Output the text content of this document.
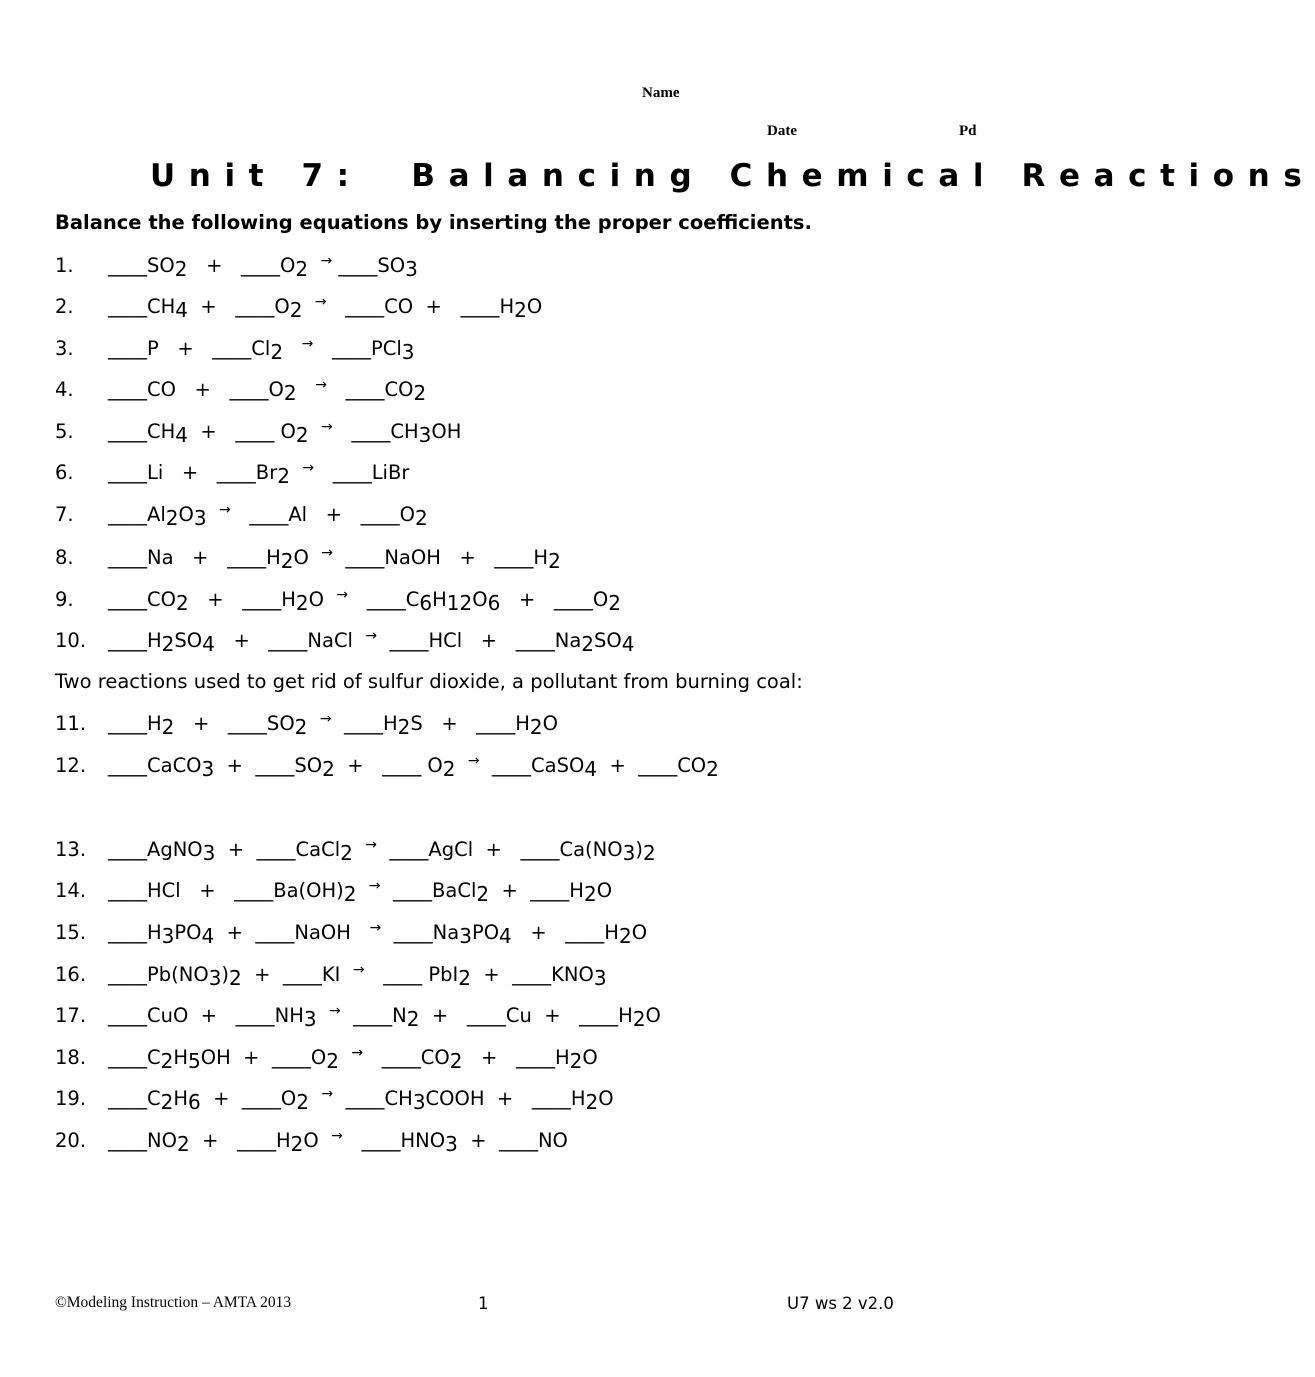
Name
Date	Pd
Unit 7:  Balancing Chemical Reactions
Balance the following equations by inserting the proper coefficients.

1.

$\_\_\_\_SO_2$   +   $\_\_\_\_O_2$ → $\_\_\_\_SO_3$

2.

$\_\_\_\_CH_4$  +   $\_\_\_\_O_2$ →   ____CO  +   $\_\_\_\_H_2O$

3.

____P   +   $\_\_\_\_Cl_2$ →   ____PCl$_3$

4.

____CO   +   $\_\_\_\_O_2$ →   $\_\_\_\_CO_2$

5.

$\_\_\_\_CH_4$  +   ____ $O_2$ →   $\_\_\_\_CH_3OH$

6.

____Li   +   $\_\_\_\_Br_2$ →   ____LiBr

7.

$\_\_\_\_Al_2O_3$ →   ____Al   +   $\_\_\_\_O_2$

8.

____Na   +   $\_\_\_\_H_2O$  →  ____NaOH   +   $\_\_\_\_H_2$

9.

$\_\_\_\_CO_2$   +   $\_\_\_\_H_2O$  →   $\_\_\_\_C_6H_{12}O_6$   +   $\_\_\_\_O_2$

10.

$\_\_\_\_H_2SO_4$   +   ____NaCl  →  ____HCl   +   $\_\_\_\_Na_2SO_4$

Two reactions used to get rid of sulfur dioxide, a pollutant from burning coal:

11.

$\_\_\_\_H_2$   +   $\_\_\_\_SO_2$ →  $\_\_\_\_H_2S$   +   $\_\_\_\_H_2O$

12.

____CaCO$_3$  +  $\_\_\_\_SO_2$  +   ____ $O_2$ →  ____CaSO$_4$  +  $\_\_\_\_CO_2$

13.

____AgNO$_3$  +  ____CaCl$_2$ →  ____AgCl  +   $\_\_\_\_Ca(NO_3)_2$

14.

____HCl   +   $\_\_\_\_Ba(OH)_2$ →  ____BaCl$_2$  +  $\_\_\_\_H_2O$

15.

$\_\_\_\_H_3PO_4$  +  ____NaOH   →  $\_\_\_\_Na_3PO_4$   +   $\_\_\_\_H_2O$

16.

$\_\_\_\_Pb(NO_3)_2$  +  ____KI  →   ____ $PbI_2 + \_\_\_\_KNO_3$

17.

____CuO  +   $\_\_\_\_NH_3$ →  $\_\_\_\_N_2$  +   ____Cu  +   $\_\_\_\_H_2O$

18.

$\_\_\_\_C_2H_5OH$  +  $\_\_\_\_O_2$ →   $\_\_\_\_CO_2$   +   $\_\_\_\_H_2O$

19.

$\_\_\_\_C_2H_6$  +  $\_\_\_\_O_2$ →  $\_\_\_\_CH_3COOH$  +   $\_\_\_\_H_2O$

20.

$\_\_\_\_NO_2$  +   $\_\_\_\_H_2O$  →   $\_\_\_\_HNO_3$  +  ____NO

©Modeling Instruction – AMTA 2013	1	U7 ws 2 v2.0
